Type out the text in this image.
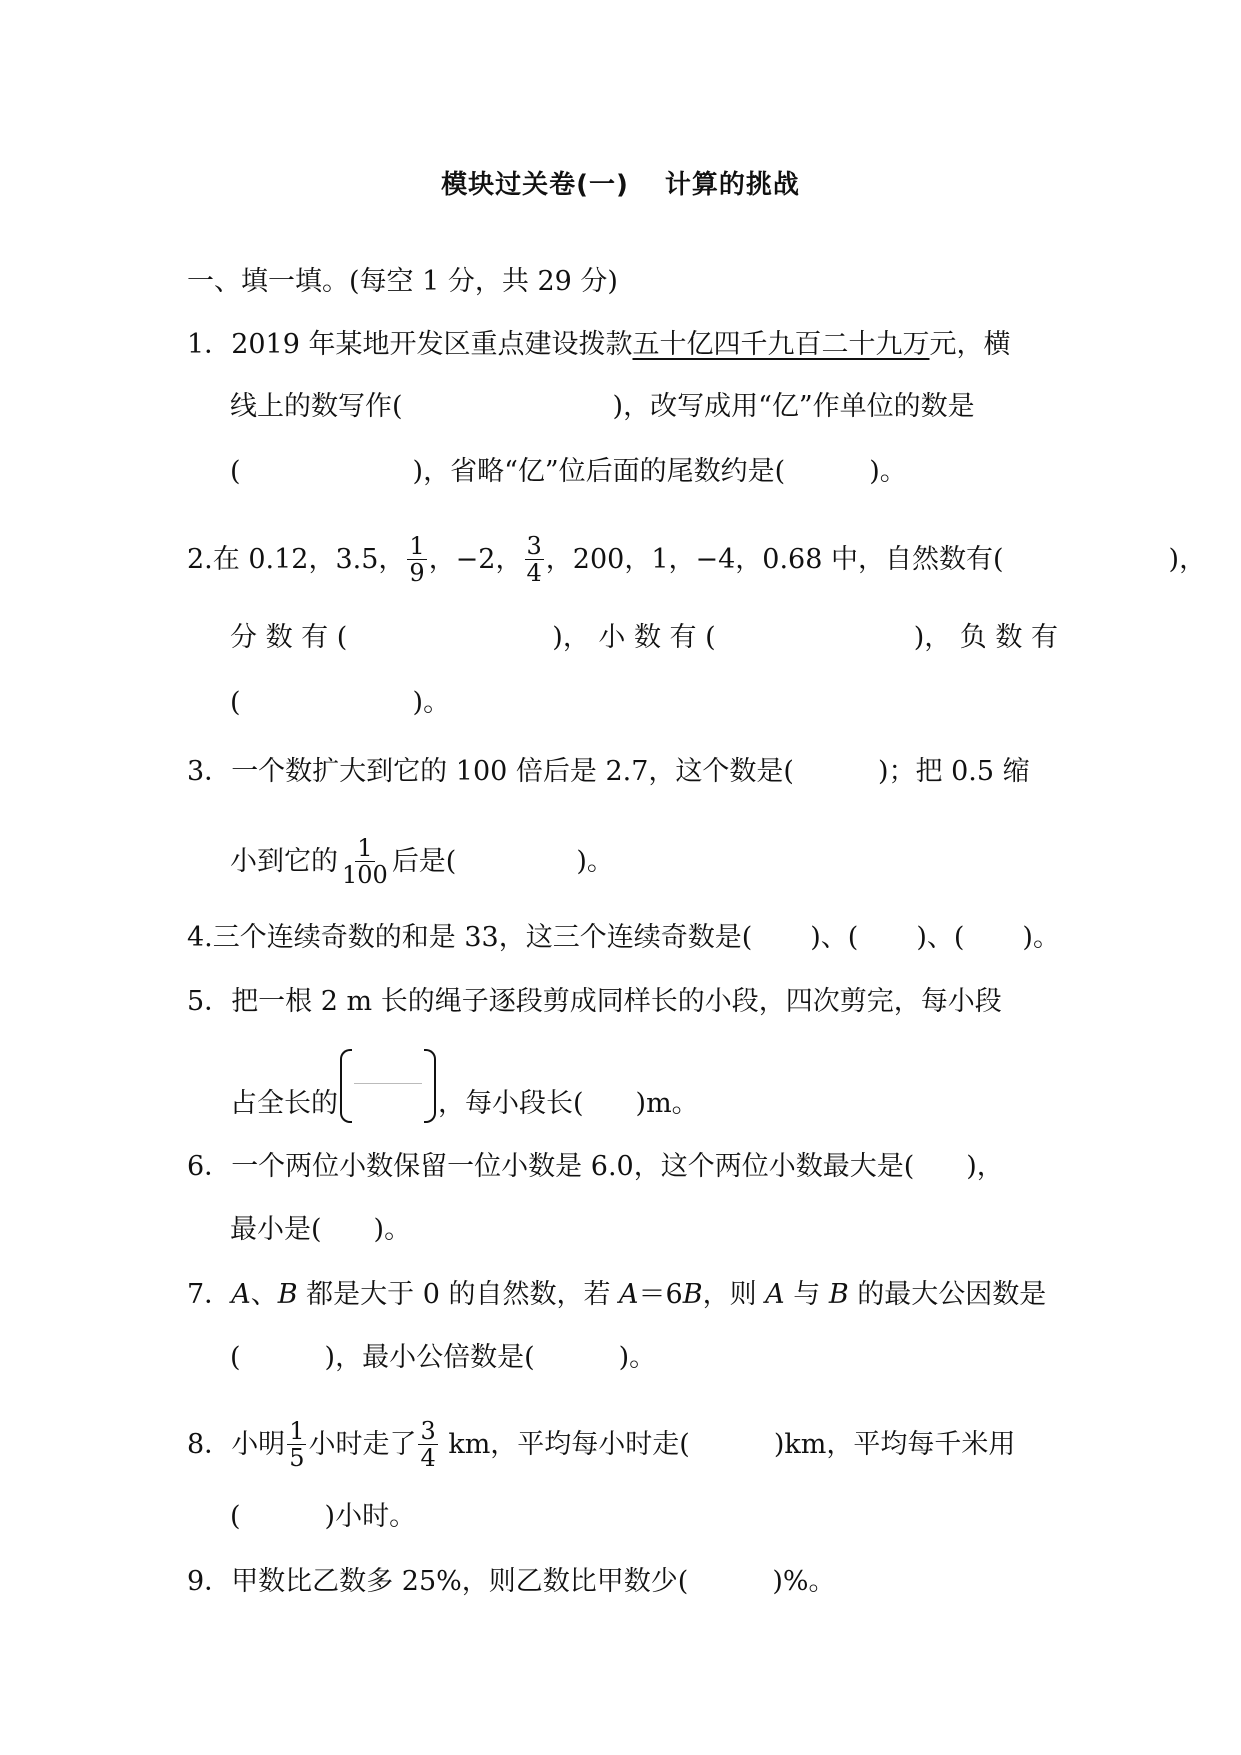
模块过关卷(一) 计算的挑战
一、填一填。(每空 1 分，共 29 分)
1． 2019 年某地开发区重点建设拨款 五十亿四千九百二十九万 元，横
线上的数写作(	)，改写成用“亿”作单位的数是
(	)，省略“亿”位后面的尾数约是(	)。
2. 在 0.12，3.5， $\frac{1}{9}$ ，−2， $\frac{3}{4}$ ，200，1，−4，0.68 中，自然数有(	)，
分 数 有 (	)， 小 数 有 (	)， 负 数 有
(	)。
3． 一个数扩大到它的 100 倍后是 2.7，这个数是(	)；把 0.5 缩
小到它的 $\frac{1}{100}$ 后是(	)。
4. 三个连续奇数的和是 33，这三个连续奇数是( )、( )、( )。
5． 把一根 2 m 长的绳子逐段剪成同样长的小段，四次剪完，每小段
占全长的	，每小段长( )m。
6． 一个两位小数保留一位小数是 6.0，这个两位小数最大是( )，
最小是( )。
7． A 、 B 都是大于 0 的自然数，若 A ＝6 B ，则 A 与 B 的最大公因数是
(	)，最小公倍数是(	)。
8． 小明 $\frac{1}{5}$ 小时走了 $\frac{3}{4}$ km，平均每小时走(	)km，平均每千米用
(	)小时。
9． 甲数比乙数多 25%，则乙数比甲数少(	)%。
